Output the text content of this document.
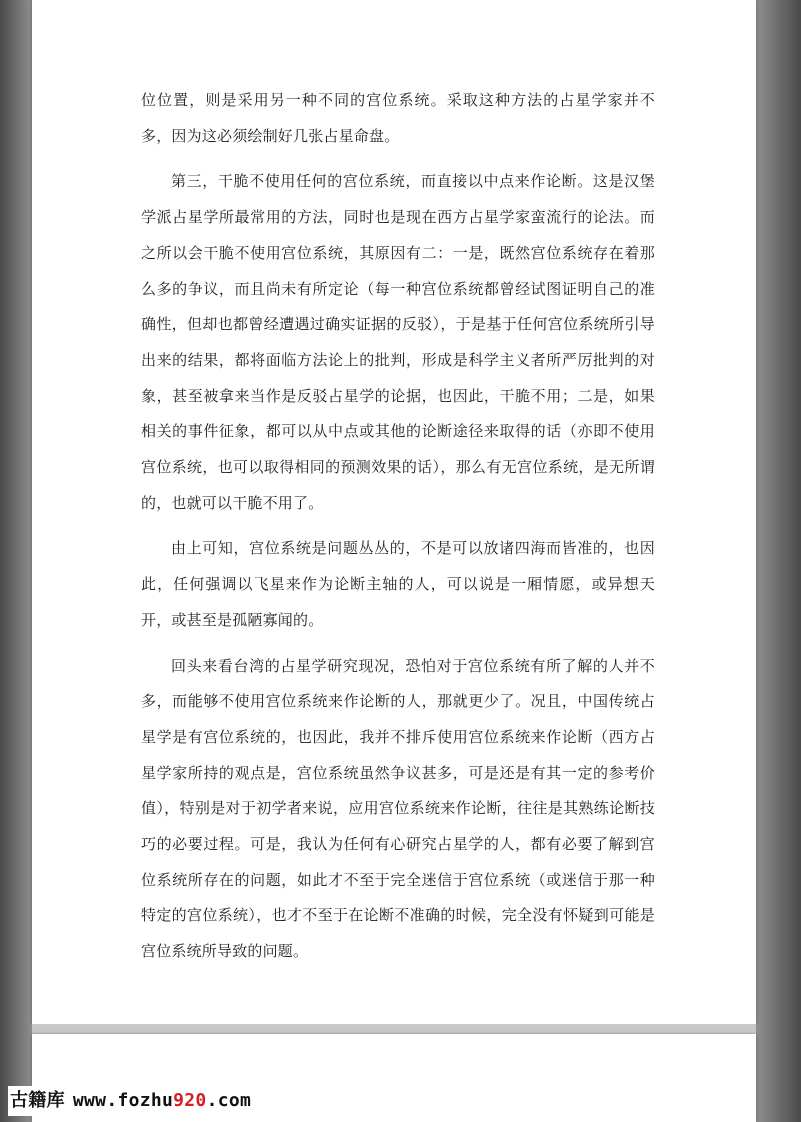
位位置，则是采用另一种不同的宫位系统。采取这种方法的占星学家并不多，因为这必须绘制好几张占星命盘。

第三，干脆不使用任何的宫位系统，而直接以中点来作论断。这是汉堡学派占星学所最常用的方法，同时也是现在西方占星学家蛮流行的论法。而之所以会干脆不使用宫位系统，其原因有二：一是，既然宫位系统存在着那么多的争议，而且尚未有所定论（每一种宫位系统都曾经试图证明自己的准确性，但却也都曾经遭遇过确实证据的反驳），于是基于任何宫位系统所引导出来的结果，都将面临方法论上的批判，形成是科学主义者所严厉批判的对象，甚至被拿来当作是反驳占星学的论据，也因此，干脆不用；二是，如果相关的事件征象，都可以从中点或其他的论断途径来取得的话（亦即不使用宫位系统，也可以取得相同的预测效果的话），那么有无宫位系统，是无所谓的，也就可以干脆不用了。

由上可知，宫位系统是问题丛丛的，不是可以放诸四海而皆准的，也因此，任何强调以飞星来作为论断主轴的人，可以说是一厢情愿，或异想天开，或甚至是孤陋寡闻的。

回头来看台湾的占星学研究现况，恐怕对于宫位系统有所了解的人并不多，而能够不使用宫位系统来作论断的人，那就更少了。况且，中国传统占星学是有宫位系统的，也因此，我并不排斥使用宫位系统来作论断（西方占星学家所持的观点是，宫位系统虽然争议甚多，可是还是有其一定的参考价值），特别是对于初学者来说，应用宫位系统来作论断，往往是其熟练论断技巧的必要过程。可是，我认为任何有心研究占星学的人，都有必要了解到宫位系统所存在的问题，如此才不至于完全迷信于宫位系统（或迷信于那一种特定的宫位系统），也才不至于在论断不准确的时候，完全没有怀疑到可能是宫位系统所导致的问题。

古籍库 www.fozhu920.com
